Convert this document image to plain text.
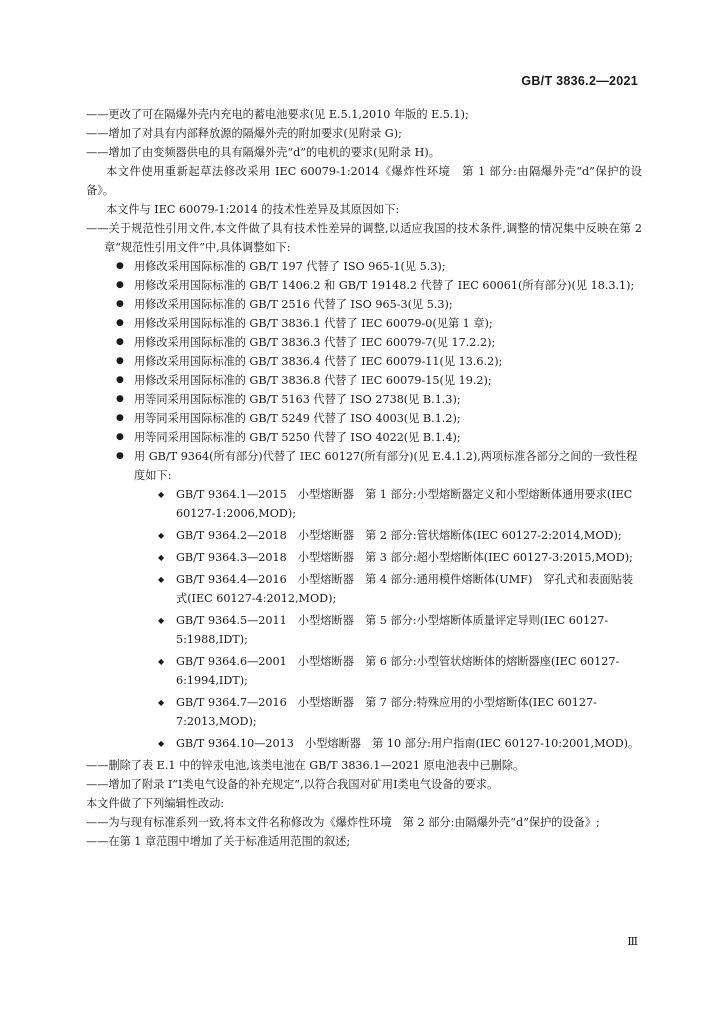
GB/T 3836.2—2021

——更改了可在隔爆外壳内充电的蓄电池要求(见 E.5.1,2010 年版的 E.5.1);

——增加了对具有内部释放源的隔爆外壳的附加要求(见附录 G);

——增加了由变频器供电的具有隔爆外壳“d”的电机的要求(见附录 H)。

本文件使用重新起草法修改采用 IEC 60079-1:2014《爆炸性环境　第 1 部分:由隔爆外壳“d”保护的设备》。

本文件与 IEC 60079-1:2014 的技术性差异及其原因如下:

——关于规范性引用文件,本文件做了具有技术性差异的调整,以适应我国的技术条件,调整的情况集中反映在第 2 章“规范性引用文件”中,具体调整如下:

● 用修改采用国际标准的 GB/T 197 代替了 ISO 965-1(见 5.3);
● 用修改采用国际标准的 GB/T 1406.2 和 GB/T 19148.2 代替了 IEC 60061(所有部分)(见 18.3.1);
● 用修改采用国际标准的 GB/T 2516 代替了 ISO 965-3(见 5.3);
● 用修改采用国际标准的 GB/T 3836.1 代替了 IEC 60079-0(见第 1 章);
● 用修改采用国际标准的 GB/T 3836.3 代替了 IEC 60079-7(见 17.2.2);
● 用修改采用国际标准的 GB/T 3836.4 代替了 IEC 60079-11(见 13.6.2);
● 用修改采用国际标准的 GB/T 3836.8 代替了 IEC 60079-15(见 19.2);
● 用等同采用国际标准的 GB/T 5163 代替了 ISO 2738(见 B.1.3);
● 用等同采用国际标准的 GB/T 5249 代替了 ISO 4003(见 B.1.2);
● 用等同采用国际标准的 GB/T 5250 代替了 ISO 4022(见 B.1.4);
● 用 GB/T 9364(所有部分)代替了 IEC 60127(所有部分)(见 E.4.1.2),两项标准各部分之间的一致性程度如下:
◆ GB/T 9364.1—2015　小型熔断器　第 1 部分:小型熔断器定义和小型熔断体通用要求(IEC 60127-1:2006,MOD);
◆ GB/T 9364.2—2018　小型熔断器　第 2 部分:管状熔断体(IEC 60127-2:2014,MOD);
◆ GB/T 9364.3—2018　小型熔断器　第 3 部分:超小型熔断体(IEC 60127-3:2015,MOD);
◆ GB/T 9364.4—2016　小型熔断器　第 4 部分:通用模件熔断体(UMF)　穿孔式和表面贴装式(IEC 60127-4:2012,MOD);
◆ GB/T 9364.5—2011　小型熔断器　第 5 部分:小型熔断体质量评定导则(IEC 60127-5:1988,IDT);
◆ GB/T 9364.6—2001　小型熔断器　第 6 部分:小型管状熔断体的熔断器座(IEC 60127-6:1994,IDT);
◆ GB/T 9364.7—2016　小型熔断器　第 7 部分:特殊应用的小型熔断体(IEC 60127-7:2013,MOD);
◆ GB/T 9364.10—2013　小型熔断器　第 10 部分:用户指南(IEC 60127-10:2001,MOD)。

——删除了表 E.1 中的锌汞电池,该类电池在 GB/T 3836.1—2021 原电池表中已删除。

——增加了附录 I“Ⅰ类电气设备的补充规定”,以符合我国对矿用Ⅰ类电气设备的要求。

本文件做了下列编辑性改动:

——为与现有标准系列一致,将本文件名称修改为《爆炸性环境　第 2 部分:由隔爆外壳“d”保护的设备》;

——在第 1 章范围中增加了关于标准适用范围的叙述;

Ⅲ
